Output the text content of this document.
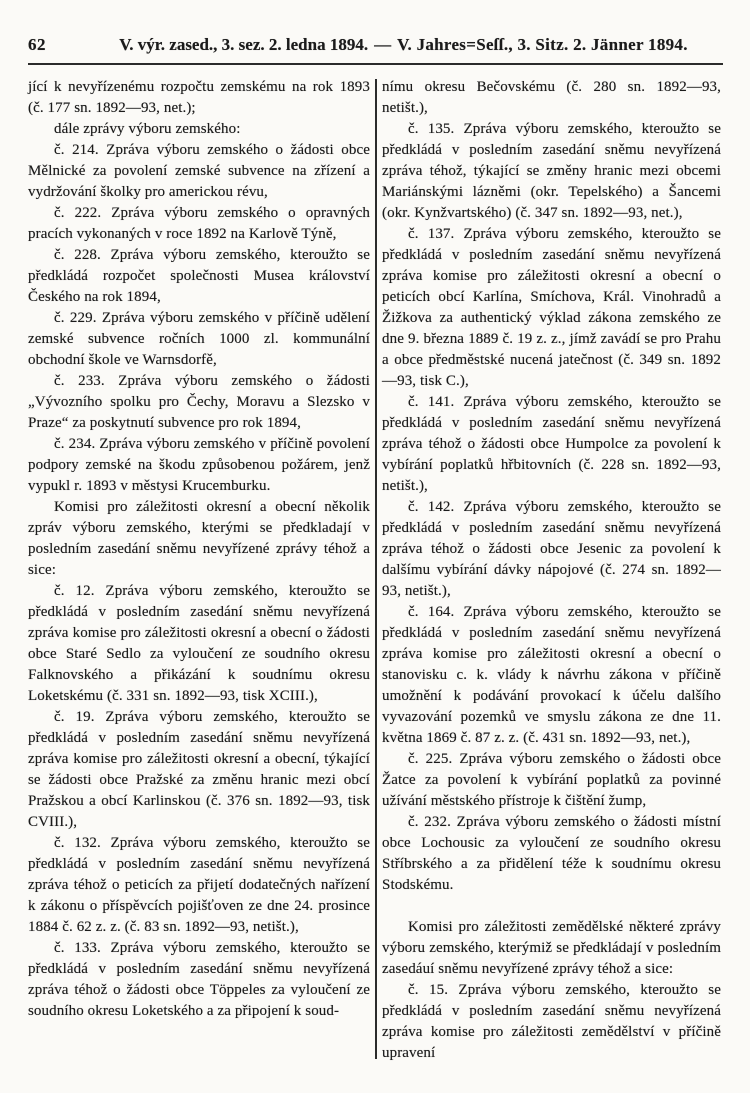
62	V. výr. zased., 3. sez. 2. ledna 1894. — V. Jahres=Seſſ., 3. Sitz. 2. Jänner 1894.

jící k nevyřízenému rozpočtu zemskému na rok 1893 (č. 177 sn. 1892—93, net.);

dále zprávy výboru zemského:

č. 214. Zpráva výboru zemského o žádosti obce Mělnické za povolení zemské subvence na zřízení a vydržování školky pro americkou révu,

č. 222. Zpráva výboru zemského o opravných pracích vykonaných v roce 1892 na Karlově Týně,

č. 228. Zpráva výboru zemského, kteroužto se předkládá rozpočet společnosti Musea království Českého na rok 1894,

č. 229. Zpráva výboru zemského v příčině udělení zemské subvence ročních 1000 zl. kommunální obchodní škole ve Warnsdorfě,

č. 233. Zpráva výboru zemského o žádosti „Vývozního spolku pro Čechy, Moravu a Slezsko v Praze“ za poskytnutí subvence pro rok 1894,

č. 234. Zpráva výboru zemského v příčině povolení podpory zemské na škodu způsobenou požárem, jenž vypukl r. 1893 v městysi Krucemburku.

Komisi pro záležitosti okresní a obecní několik zpráv výboru zemského, kterými se předkladají v posledním zasedání sněmu nevyřízené zprávy téhož a sice:

č. 12. Zpráva výboru zemského, kteroužto se předkládá v posledním zasedání sněmu nevyřízená zpráva komise pro záležitosti okresní a obecní o žádosti obce Staré Sedlo za vyloučení ze soudního okresu Falknovského a přikázání k soudnímu okresu Loketskému (č. 331 sn. 1892—93, tisk XCIII.),

č. 19. Zpráva výboru zemského, kteroužto se předkládá v posledním zasedání sněmu nevyřízená zpráva komise pro záležitosti okresní a obecní, týkající se žádosti obce Pražské za změnu hranic mezi obcí Pražskou a obcí Karlinskou (č. 376 sn. 1892—93, tisk CVIII.),

č. 132. Zpráva výboru zemského, kteroužto se předkládá v posledním zasedání sněmu nevyřízená zpráva téhož o peticích za přijetí dodatečných nařízení k zákonu o příspěvcích pojišťoven ze dne 24. prosince 1884 č. 62 z. z. (č. 83 sn. 1892—93, netišt.),

č. 133. Zpráva výboru zemského, kteroužto se předkládá v posledním zasedání sněmu nevyřízená zpráva téhož o žádosti obce Töppeles za vyloučení ze soudního okresu Loketského a za připojení k soud-

nímu okresu Bečovskému (č. 280 sn. 1892—93, netišt.),

č. 135. Zpráva výboru zemského, kteroužto se předkládá v posledním zasedání sněmu nevyřízená zpráva téhož, týkající se změny hranic mezi obcemi Mariánskými lázněmi (okr. Tepelského) a Šancemi (okr. Kynžvartského) (č. 347 sn. 1892—93, net.),

č. 137. Zpráva výboru zemského, kteroužto se předkládá v posledním zasedání sněmu nevyřízená zpráva komise pro záležitosti okresní a obecní o peticích obcí Karlína, Smíchova, Král. Vinohradů a Žižkova za authentický výklad zákona zemského ze dne 9. března 1889 č. 19 z. z., jímž zavádí se pro Prahu a obce předměstské nucená jatečnost (č. 349 sn. 1892—93, tisk C.),

č. 141. Zpráva výboru zemského, kteroužto se předkládá v posledním zasedání sněmu nevyřízená zpráva téhož o žádosti obce Humpolce za povolení k vybírání poplatků hřbitovních (č. 228 sn. 1892—93, netišt.),

č. 142. Zpráva výboru zemského, kteroužto se předkládá v posledním zasedání sněmu nevyřízená zpráva téhož o žádosti obce Jesenic za povolení k dalšímu vybírání dávky nápojové (č. 274 sn. 1892—93, netišt.),

č. 164. Zpráva výboru zemského, kteroužto se předkládá v posledním zasedání sněmu nevyřízená zpráva komise pro záležitosti okresní a obecní o stanovisku c. k. vlády k návrhu zákona v příčině umožnění k podávání provokací k účelu dalšího vyvazování pozemků ve smyslu zákona ze dne 11. května 1869 č. 87 z. z. (č. 431 sn. 1892—93, net.),

č. 225. Zpráva výboru zemského o žádosti obce Žatce za povolení k vybírání poplatků za povinné užívání městského přístroje k čištění žump,

č. 232. Zpráva výboru zemského o žádosti místní obce Lochousic za vyloučení ze soudního okresu Stříbrského a za přidělení téže k soudnímu okresu Stodskému.

Komisi pro záležitosti zemědělské některé zprávy výboru zemského, kterýmiž se předkládají v posledním zasedáuí sněmu nevyřízené zprávy téhož a sice:

č. 15. Zpráva výboru zemského, kteroužto se předkládá v posledním zasedání sněmu nevyřízená zpráva komise pro záležitosti zemědělství v příčině upravení
